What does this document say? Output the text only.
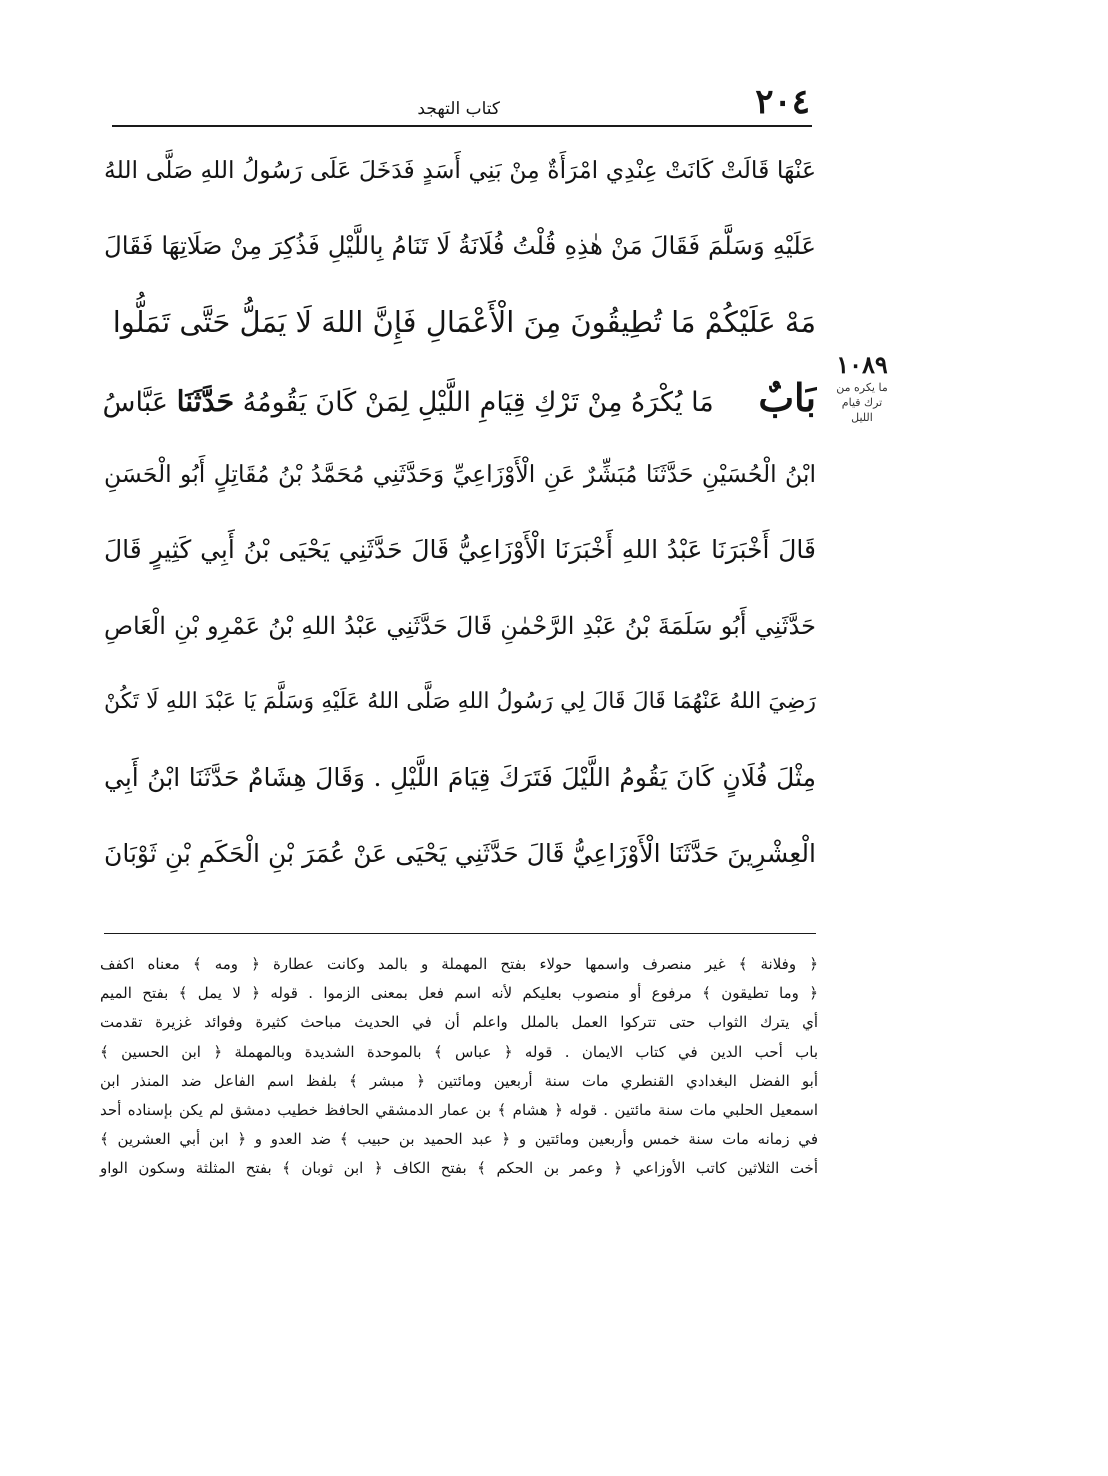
٢٠٤
كتاب التهجد
١٠٨٩
ما يكره من
ترك قيام
الليل
عَنْهَا قَالَتْ كَانَتْ عِنْدِي امْرَأَةٌ مِنْ بَنِي أَسَدٍ فَدَخَلَ عَلَى رَسُولُ اللهِ صَلَّى اللهُ
عَلَيْهِ وَسَلَّمَ فَقَالَ مَنْ هٰذِهِ قُلْتُ فُلَانَةُ لَا تَنَامُ بِاللَّيْلِ فَذُكِرَ مِنْ صَلَاتِهَا فَقَالَ
مَهْ عَلَيْكُمْ مَا تُطِيقُونَ مِنَ الْأَعْمَالِ فَإِنَّ اللهَ لَا يَمَلُّ حَتَّى تَمَلُّوا
بَابٌ مَا يُكْرَهُ مِنْ تَرْكِ قِيَامِ اللَّيْلِ لِمَنْ كَانَ يَقُومُهُ حَدَّثَنَا عَبَّاسُ
ابْنُ الْحُسَيْنِ حَدَّثَنَا مُبَشِّرٌ عَنِ الْأَوْزَاعِيِّ وَحَدَّثَنِي مُحَمَّدُ بْنُ مُقَاتِلٍ أَبُو الْحَسَنِ
قَالَ أَخْبَرَنَا عَبْدُ اللهِ أَخْبَرَنَا الْأَوْزَاعِيُّ قَالَ حَدَّثَنِي يَحْيَى بْنُ أَبِي كَثِيرٍ قَالَ
حَدَّثَنِي أَبُو سَلَمَةَ بْنُ عَبْدِ الرَّحْمٰنِ قَالَ حَدَّثَنِي عَبْدُ اللهِ بْنُ عَمْرِو بْنِ الْعَاصِ
رَضِيَ اللهُ عَنْهُمَا قَالَ قَالَ لِي رَسُولُ اللهِ صَلَّى اللهُ عَلَيْهِ وَسَلَّمَ يَا عَبْدَ اللهِ لَا تَكُنْ
مِثْلَ فُلَانٍ كَانَ يَقُومُ اللَّيْلَ فَتَرَكَ قِيَامَ اللَّيْلِ . وَقَالَ هِشَامٌ حَدَّثَنَا ابْنُ أَبِي
الْعِشْرِينَ حَدَّثَنَا الْأَوْزَاعِيُّ قَالَ حَدَّثَنِي يَحْيَى عَنْ عُمَرَ بْنِ الْحَكَمِ بْنِ ثَوْبَانَ
﴿ وفلانة ﴾ غير منصرف واسمها حولاء بفتح المهملة و بالمد وكانت عطارة ﴿ ومه ﴾ معناه اكفف
﴿ وما تطيقون ﴾ مرفوع أو منصوب بعليكم لأنه اسم فعل بمعنى الزموا . قوله ﴿ لا يمل ﴾ بفتح الميم
أي يترك الثواب حتى تتركوا العمل بالملل واعلم أن في الحديث مباحث كثيرة وفوائد غزيرة تقدمت
باب أحب الدين في كتاب الايمان . قوله ﴿ عباس ﴾ بالموحدة الشديدة وبالمهملة ﴿ ابن الحسين ﴾
أبو الفضل البغدادي القنطري مات سنة أربعين ومائتين ﴿ مبشر ﴾ بلفظ اسم الفاعل ضد المنذر ابن
اسمعيل الحلبي مات سنة مائتين . قوله ﴿ هشام ﴾ بن عمار الدمشقي الحافظ خطيب دمشق لم يكن بإسناده أحد
في زمانه مات سنة خمس وأربعين ومائتين و ﴿ عبد الحميد بن حبيب ﴾ ضد العدو و ﴿ ابن أبي العشرين ﴾
أخت الثلاثين كاتب الأوزاعي ﴿ وعمر بن الحكم ﴾ بفتح الكاف ﴿ ابن ثوبان ﴾ بفتح المثلثة وسكون الواو
